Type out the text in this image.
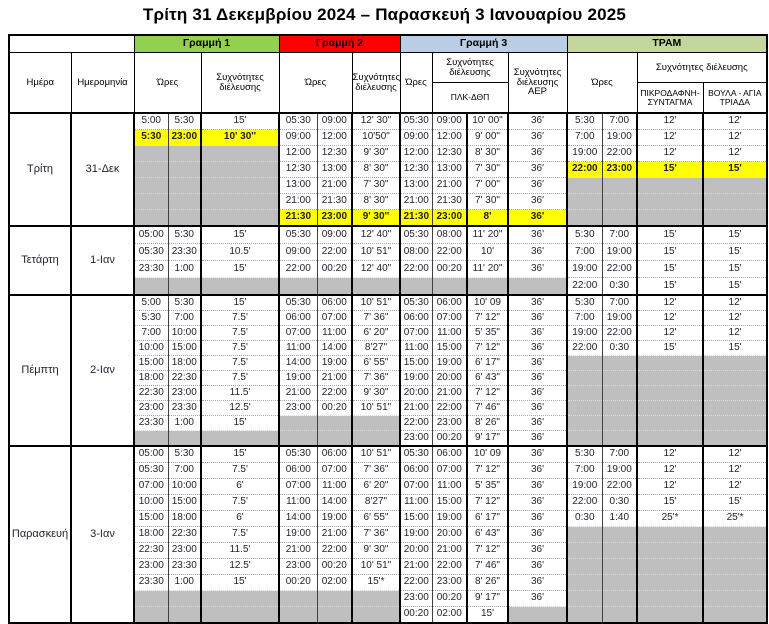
Τρίτη 31 Δεκεμβρίου 2024 – Παρασκευή 3 Ιανουαρίου 2025
		Γραμμή 1			Γραμμή 2			Γραμμή 3				ΤΡΑΜ			
Ημέρα	Ημερομηνία	Ώρες		Συχνότητες διέλευσης	Ώρες		Συχνότητες διέλευσης	Ώρες	Συχνότητες διέλευσης		Συχνότητες διέλευσης ΑΕΡ	Ώρες		Συχνότητες διέλευσης	
									ΠΛΚ-ΔΘΠ					ΠΙΚΡΟΔΑΦΝΗ-ΣΥΝΤΑΓΜΑ	ΒΟΥΛΑ - ΑΓΙΑ ΤΡΙΑΔΑ
Τρίτη	31-Δεκ	5:00	5:30	15'	05:30	09:00	12' 30"	05:30	09:00	10' 00"	36'	5:30	7:00	12'	12'
		5:30	23:00	10' 30''	09:00	12:00	10'50"	09:00	12:00	9' 00"	36'	7:00	19:00	12'	12'
					12:00	12:30	9' 30"	12:00	12:30	8' 30"	36'	19:00	22:00	12'	12'
					12:30	13:00	8' 30"	12:30	13:00	7' 30"	36'	22:00	23:00	15'	15'
					13:00	21:00	7' 30"	13:00	21:00	7' 00"	36'				
					21:00	21:30	8' 30"	21:00	21:30	7' 30"	36'				
					21:30	23:00	9' 30''	21:30	23:00	8'	36'				
Τετάρτη	1-Ιαν	05:00	5:30	15'	05:30	09:00	12' 40"	05:30	08:00	11' 20"	36'	5:30	7:00	15'	15'
		05:30	23:30	10.5'	09:00	22:00	10' 51"	08:00	22:00	10'	36'	7:00	19:00	15'	15'
		23:30	1:00	15'	22:00	00:20	12' 40"	22:00	00:20	11' 20"	36'	19:00	22:00	15'	15'
												22:00	0:30	15'	15'
Πέμπτη	2-Ιαν	5:00	5:30	15'	05:30	06:00	10' 51"	05:30	06:00	10' 09	36'	5:30	7:00	12'	12'
		5:30	7:00	7.5'	06:00	07:00	7' 36"	06:00	07:00	7' 12"	36'	7:00	19:00	12'	12'
		7:00	10:00	7.5'	07:00	11:00	6' 20"	07:00	11:00	5' 35"	36'	19:00	22:00	12'	12'
		10:00	15:00	7.5'	11:00	14:00	8'27"	11:00	15:00	7' 12"	36'	22:00	0:30	15'	15'
		15:00	18:00	7.5'	14:00	19:00	6' 55"	15:00	19:00	6' 17"	36'				
		18:00	22:30	7.5'	19:00	21:00	7' 36"	19:00	20:00	6' 43"	36'				
		22:30	23:00	11.5'	21:00	22:00	9' 30"	20:00	21:00	7' 12"	36'				
		23:00	23:30	12.5'	23:00	00:20	10' 51"	21:00	22:00	7' 46"	36'				
		23:30	1:00	15'				22:00	23:00	8' 26"	36'				
								23:00	00:20	9' 17"	36'				
Παρασκευή	3-Ιαν	05:00	5:30	15'	05:30	06:00	10' 51"	05:30	06:00	10' 09	36'	5:30	7:00	12'	12'
		05:30	7:00	7.5'	06:00	07:00	7' 36"	06:00	07:00	7' 12"	36'	7:00	19:00	12'	12'
		07:00	10:00	6'	07:00	11:00	6' 20"	07:00	11:00	5' 35"	36'	19:00	22:00	12'	12'
		10:00	15:00	7.5'	11:00	14:00	8'27"	11:00	15:00	7' 12"	36'	22:00	0:30	15'	15'
		15:00	18:00	6'	14:00	19:00	6' 55"	15:00	19:00	6' 17"	36'	0:30	1:40	25'*	25'*
		18:00	22:30	7.5'	19:00	21:00	7' 36"	19:00	20:00	6' 43"	36'				
		22:30	23:00	11.5'	21:00	22:00	9' 30"	20:00	21:00	7' 12"	36'				
		23:00	23:30	12.5'	23:00	00:20	10' 51"	21:00	22:00	7' 46"	36'				
		23:30	1:00	15'	00:20	02:00	15'*	22:00	23:00	8' 26"	36'				
								23:00	00:20	9' 17"	36'				
								00:20	02:00	15'					
